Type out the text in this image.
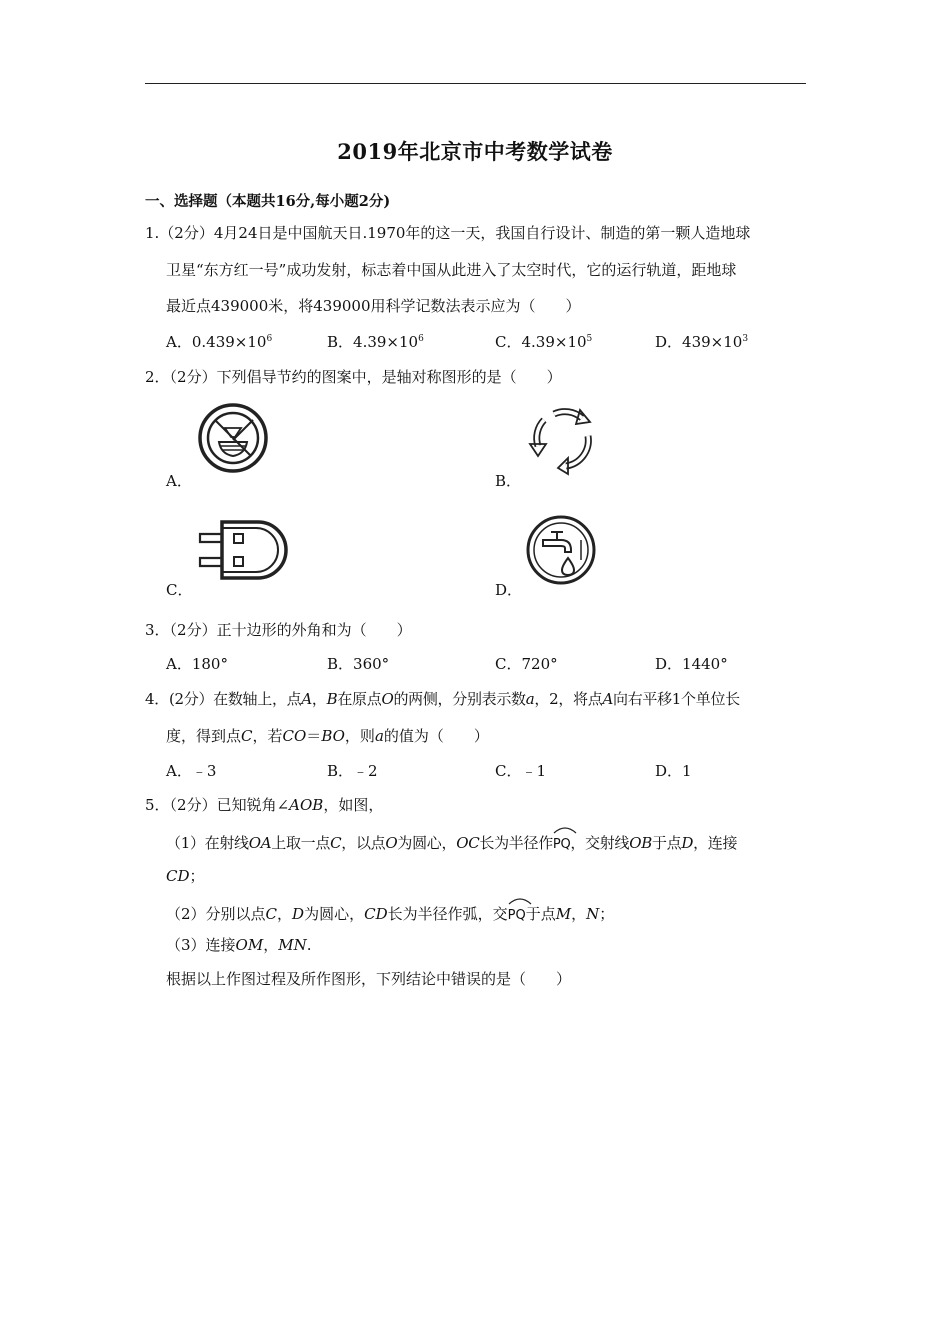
2019年北京市中考数学试卷
一、选择题（本题共16分,每小题2分)
1.（2分）4月24日是中国航天日.1970年的这一天，我国自行设计、制造的第一颗人造地球
卫星“东方红一号”成功发射，标志着中国从此进入了太空时代，它的运行轨道，距地球
最近点439000米，将439000用科学记数法表示应为（　　）
A．$0.439\times 10^6$	B．$4.39\times 10^6$	C．$4.39\times 10^5$	D．$439\times 10^3$
2．（2分）下列倡导节约的图案中，是轴对称图形的是（　　）
A．	B．
C．	D．
3．（2分）正十边形的外角和为（　　）
A．180°	B．360°	C．720°	D．1440°
4．(2分）在数轴上，点A，B在原点O的两侧，分别表示数a，2，将点A向右平移1个单位长
度，得到点C，若CO＝BO，则a的值为（　　）
A．﹣3	B．﹣2	C．﹣1	D．1
5．（2分）已知锐角∠AOB，如图，
（1）在射线OA上取一点C，以点O为圆心，OC长为半径作
PQ，交射线OB于点D，连接
CD；
（2）分别以点C，D为圆心，CD长为半径作弧，交
PQ于点M，N；
（3）连接OM，MN.
根据以上作图过程及所作图形，下列结论中错误的是（　　）
